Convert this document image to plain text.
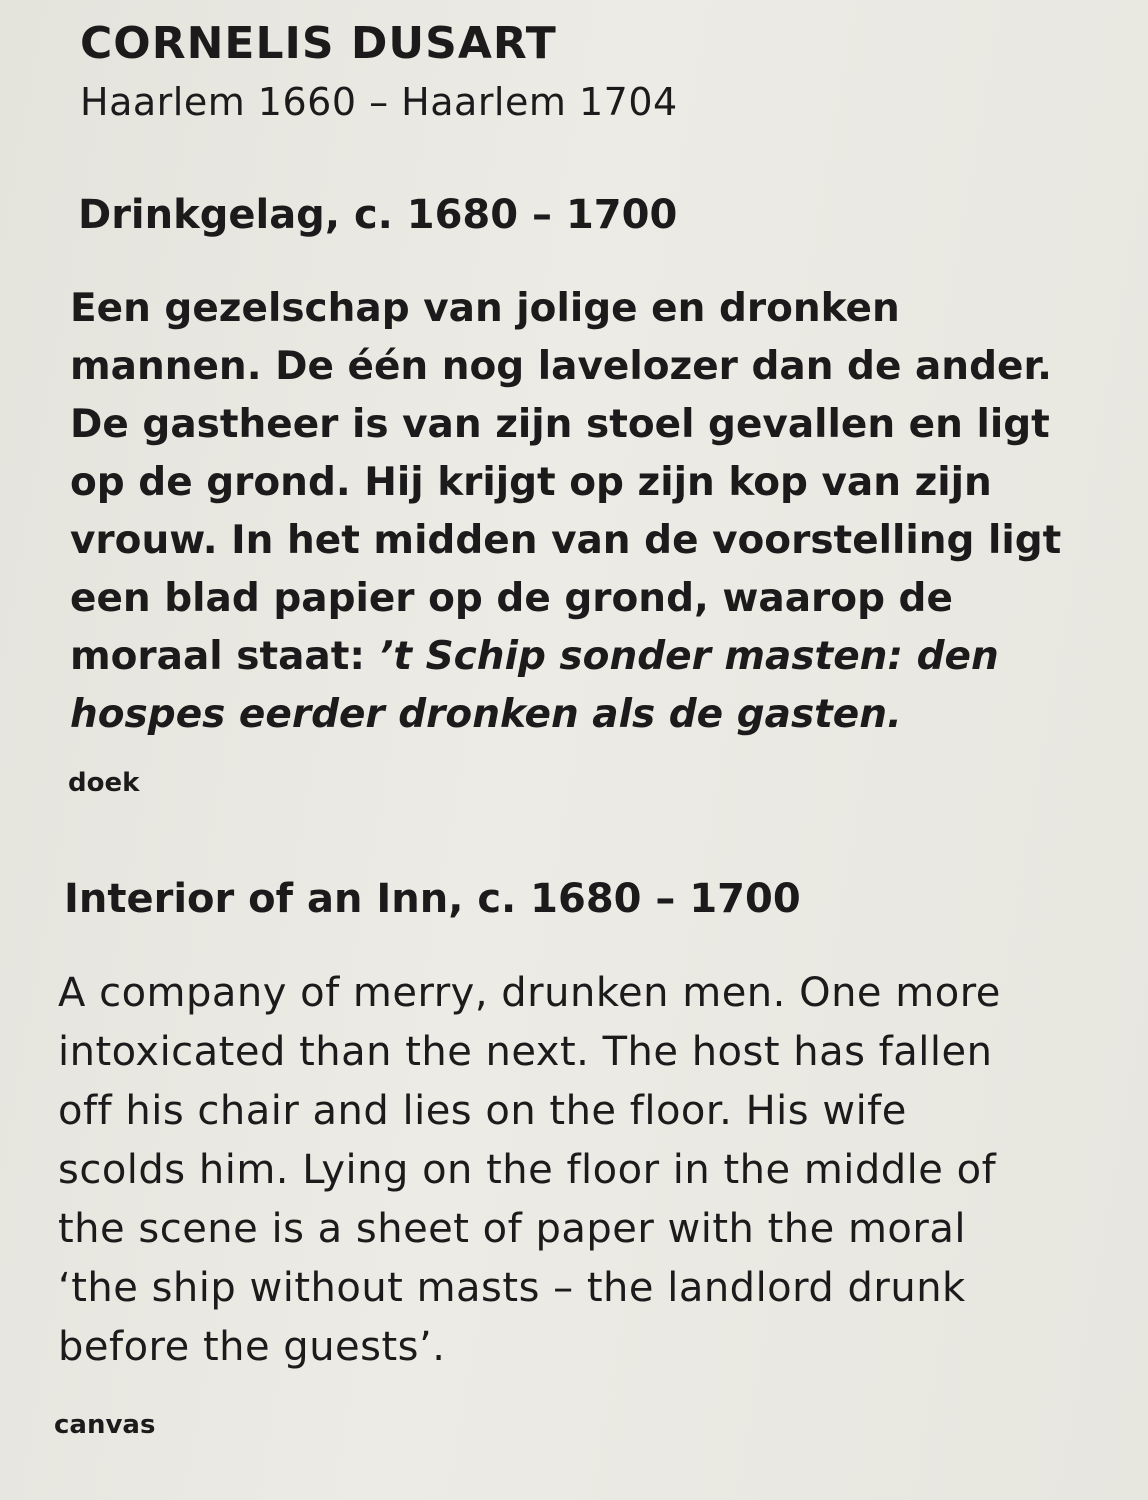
CORNELIS DUSART
Haarlem 1660 – Haarlem 1704
Drinkgelag, c. 1680 – 1700

Een gezelschap van jolige en dronken
mannen. De één nog lavelozer dan de ander.
De gastheer is van zijn stoel gevallen en ligt
op de grond. Hij krijgt op zijn kop van zijn
vrouw. In het midden van de voorstelling ligt
een blad papier op de grond, waarop de
moraal staat: ’t Schip sonder masten: den
hospes eerder dronken als de gasten.

doek
Interior of an Inn, c. 1680 – 1700

A company of merry, drunken men. One more
intoxicated than the next. The host has fallen
off his chair and lies on the floor. His wife
scolds him. Lying on the floor in the middle of
the scene is a sheet of paper with the moral
‘the ship without masts – the landlord drunk
before the guests’.

canvas
